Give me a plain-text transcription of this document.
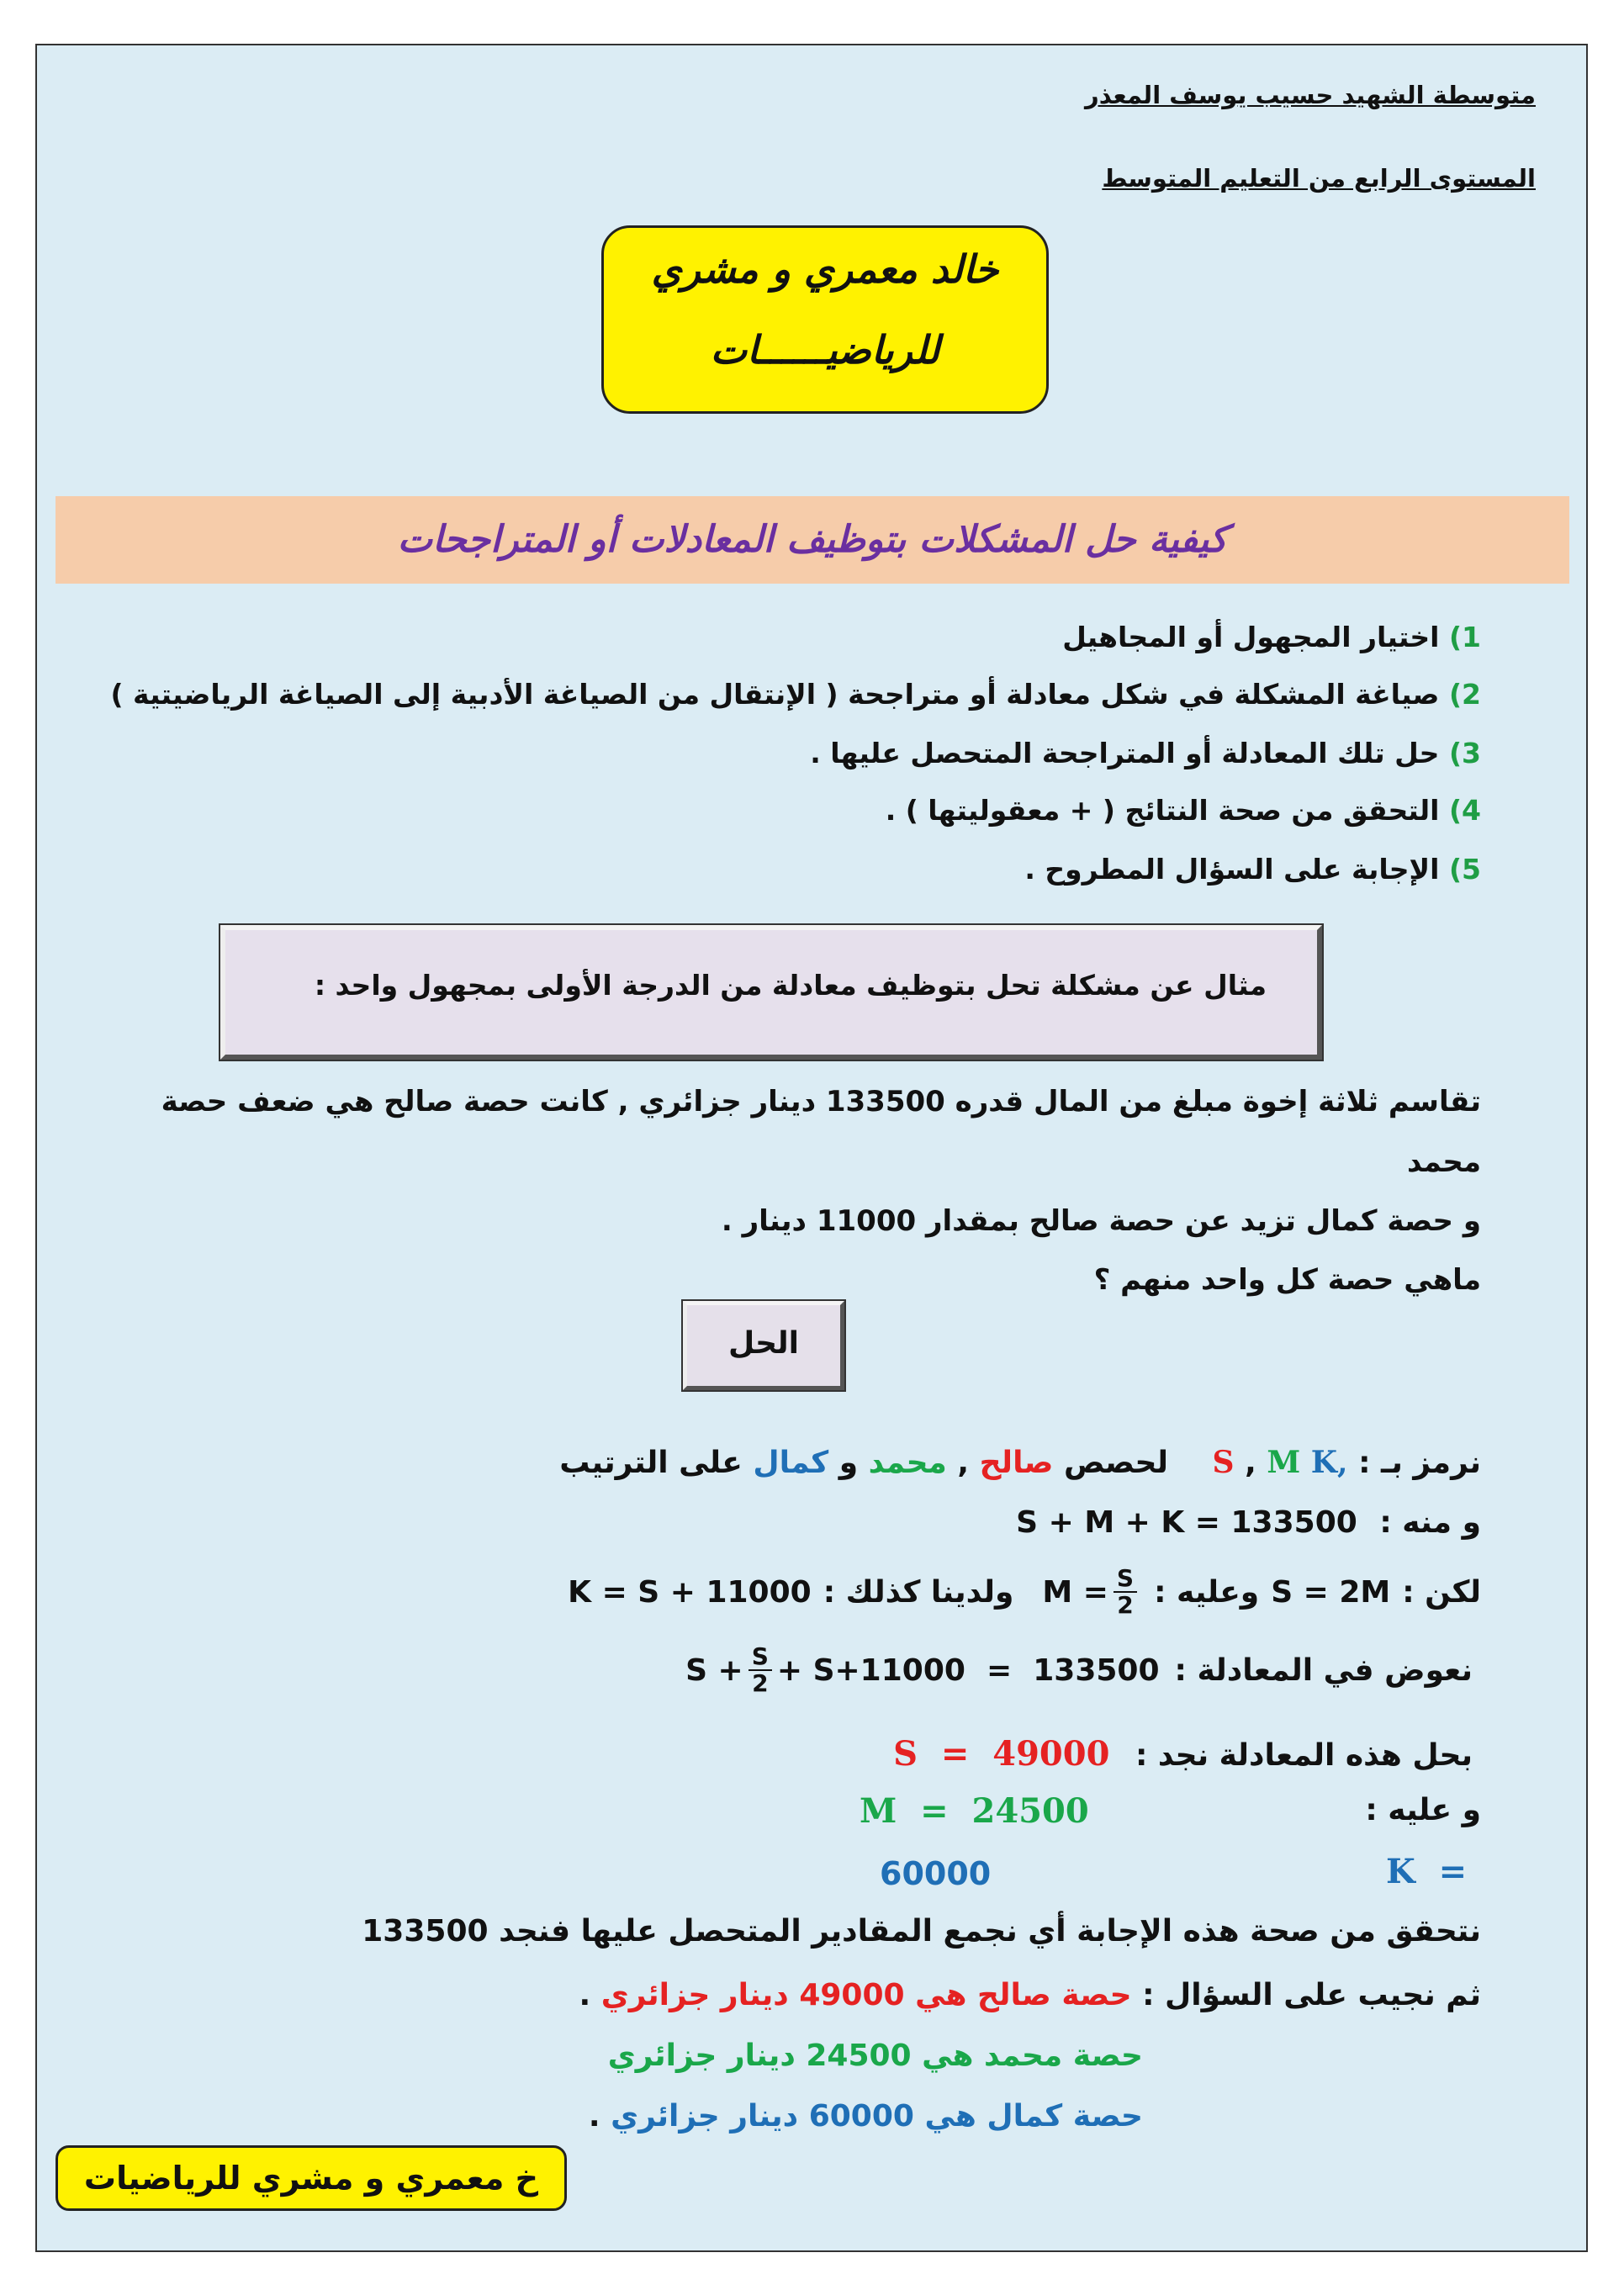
متوسطة الشهيد حسيب يوسف المعذر
المستوى الرابع من التعليم المتوسط
خالد معمري و مشري
للرياضيــــــات
كيفية حل المشكلات بتوظيف المعادلات أو المتراجحات
1) اختيار المجهول أو المجاهيل
2) صياغة المشكلة في شكل معادلة أو متراجحة ( الإنتقال من الصياغة الأدبية إلى الصياغة الرياضيتية )
3) حل تلك المعادلة أو المتراجحة المتحصل عليها .
4) التحقق من صحة النتائج ( + معقوليتها ) .
5) الإجابة على السؤال المطروح .
مثال عن مشكلة تحل بتوظيف معادلة من الدرجة الأولى بمجهول واحد :
تقاسم ثلاثة إخوة مبلغ من المال قدره 133500 دينار جزائري , كانت حصة صالح هي ضعف حصة
محمد
و حصة كمال تزيد عن حصة صالح بمقدار 11000 دينار .
ماهي حصة كل واحد منهم ؟
الحل
نرمز بـ : S , M K, لحصص صالح , محمد و كمال على الترتيب
و منه : S + M + K = 133500
لكن :
S = 2M
وعليه :
$M = \frac{S}{2}$
ولدينا كذلك :
K = S + 11000
نعوض في المعادلة :
$S + \frac{S}{2} + S+11000 = 133500$
بحل هذه المعادلة نجد : S  =  49000
و عليه :
M  =  24500
K  =
60000
نتحقق من صحة هذه الإجابة أي نجمع المقادير المتحصل عليها فنجد 133500
ثم نجيب على السؤال : حصة صالح هي 49000 دينار جزائري .
حصة محمد هي 24500 دينار جزائري
حصة كمال هي 60000 دينار جزائري .
خ معمري و مشري للرياضيات
